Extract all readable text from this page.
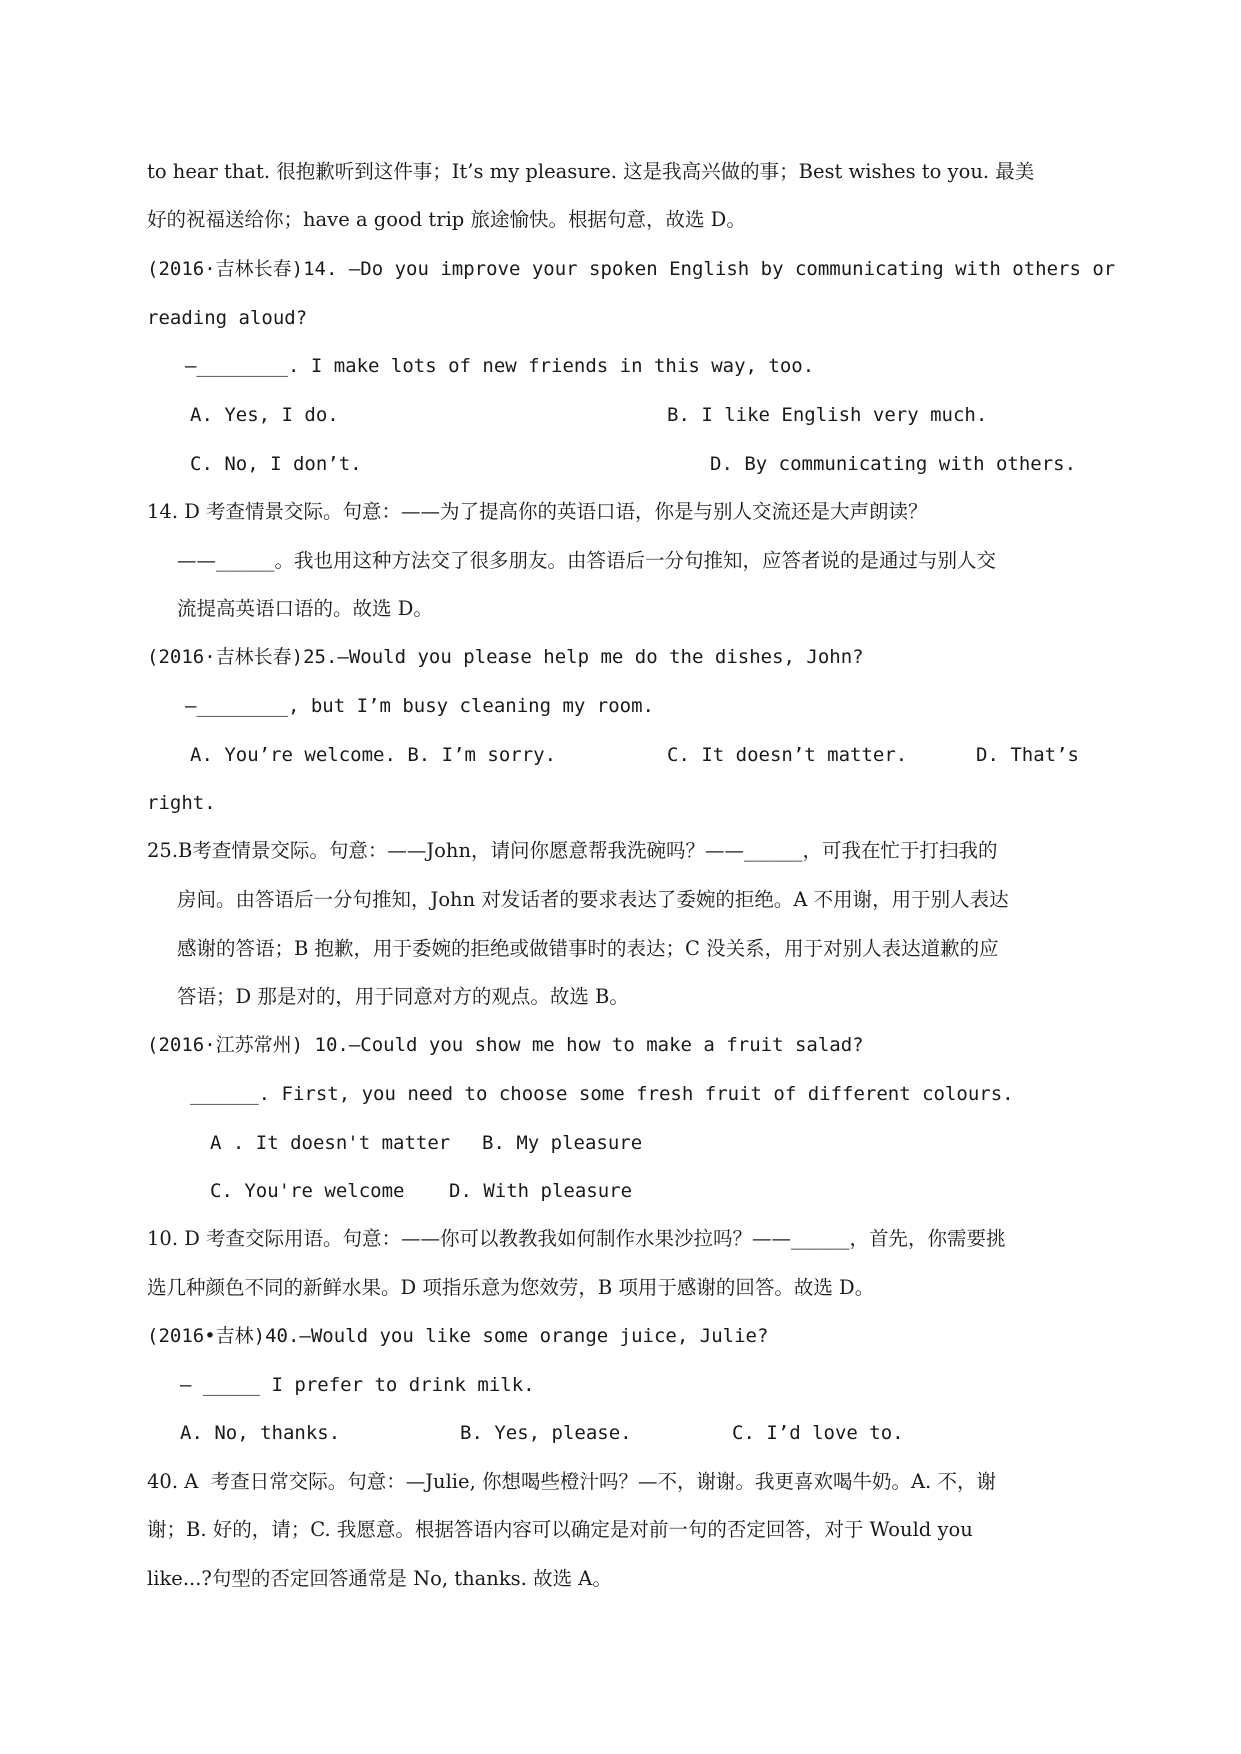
to hear that. 很抱歉听到这件事；It’s my pleasure. 这是我高兴做的事；Best wishes to you. 最美
好的祝福送给你；have a good trip 旅途愉快。根据句意，故选 D。
(2016·吉林长春)14. —Do you improve your spoken English by communicating with others or
reading aloud?
—________. I make lots of new friends in this way, too.
A. Yes, I do.	B. I like English very much.
C. No, I don’t.	D. By communicating with others.
14. D 考查情景交际。句意：——为了提高你的英语口语，你是与别人交流还是大声朗读？
——______。我也用这种方法交了很多朋友。由答语后一分句推知，应答者说的是通过与别人交
流提高英语口语的。故选 D。
(2016·吉林长春)25.—Would you please help me do the dishes, John?
—________, but I’m busy cleaning my room.
A. You’re welcome. B. I’m sorry.	C. It doesn’t matter.	D. That’s
right.
25.B考查情景交际。句意：——John，请问你愿意帮我洗碗吗？——______，可我在忙于打扫我的
房间。由答语后一分句推知，John 对发话者的要求表达了委婉的拒绝。A 不用谢，用于别人表达
感谢的答语；B 抱歉，用于委婉的拒绝或做错事时的表达；C 没关系，用于对别人表达道歉的应
答语；D 那是对的，用于同意对方的观点。故选 B。
(2016·江苏常州) 10.—Could you show me how to make a fruit salad?
______. First, you need to choose some fresh fruit of different colours.
A . It doesn't matter B. My pleasure
C. You're welcome D. With pleasure
10. D 考查交际用语。句意：——你可以教教我如何制作水果沙拉吗？——______，首先，你需要挑
选几种颜色不同的新鲜水果。D 项指乐意为您效劳，B 项用于感谢的回答。故选 D。
(2016•吉林)40.—Would you like some orange juice, Julie?
— _____ I prefer to drink milk.
A. No, thanks.	B. Yes, please.	C. I’d love to.
40. A  考查日常交际。句意：—Julie, 你想喝些橙汁吗？—不，谢谢。我更喜欢喝牛奶。A. 不，谢
谢；B. 好的，请；C. 我愿意。根据答语内容可以确定是对前一句的否定回答，对于 Would you
like...?句型的否定回答通常是 No, thanks. 故选 A。
